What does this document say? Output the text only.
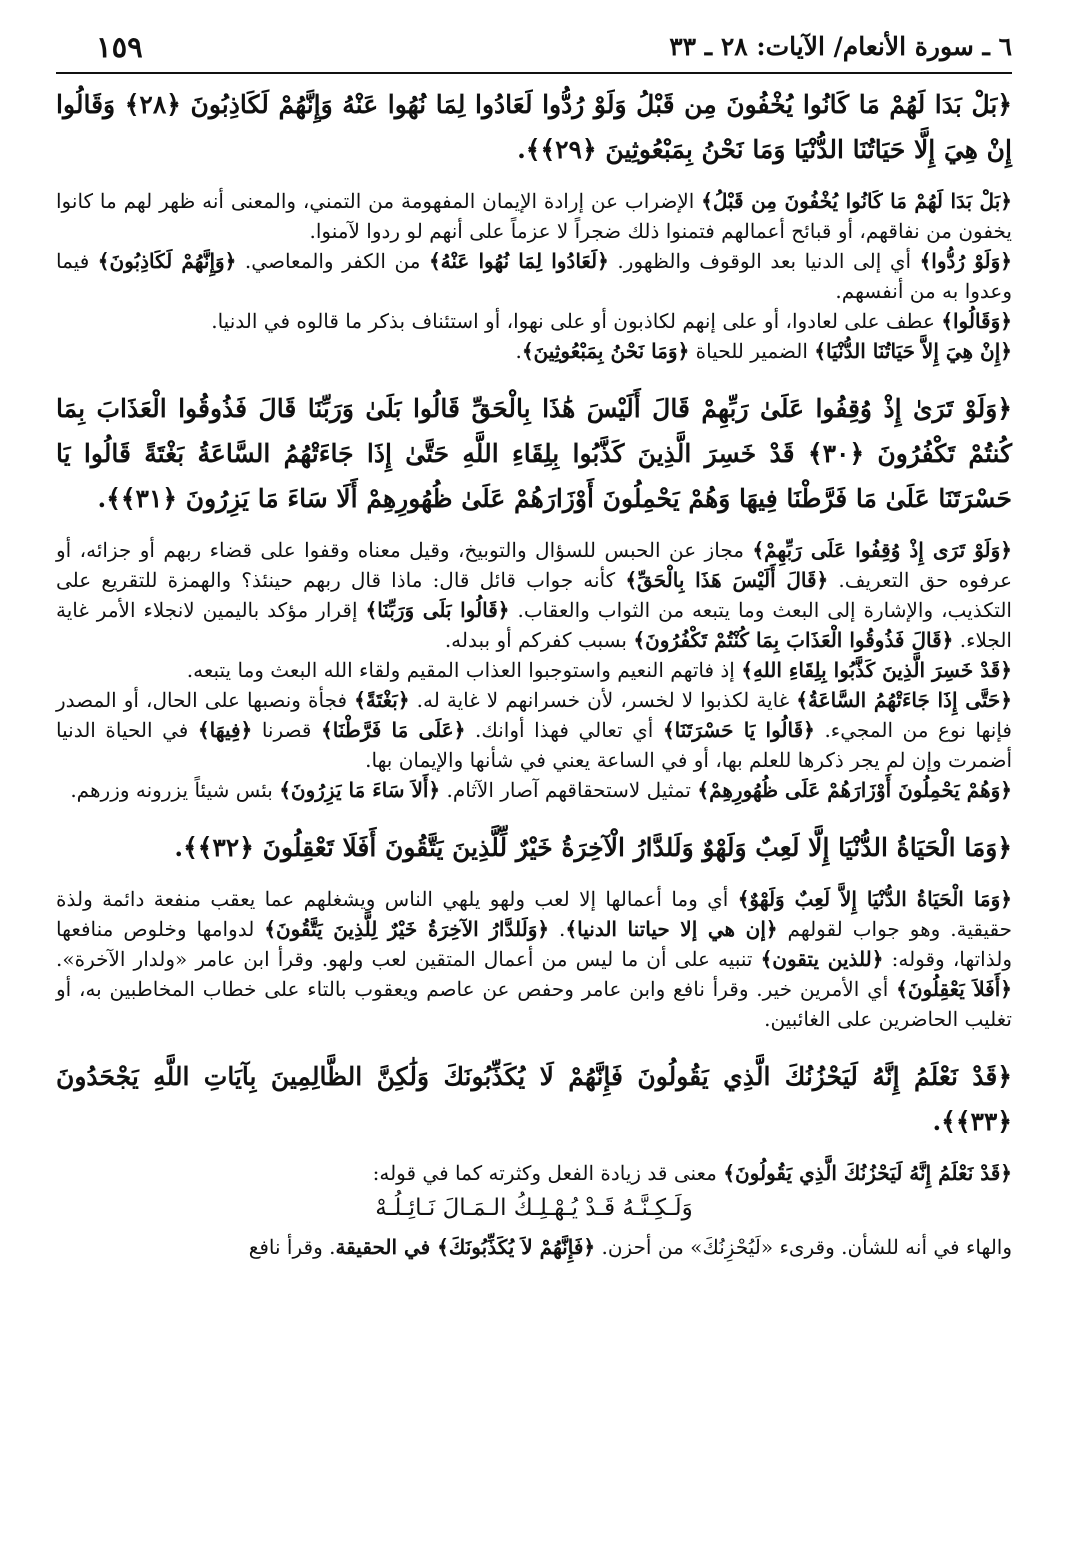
٦ ـ سورة الأنعام/ الآيات: ٢٨ ـ ٣٣
١٥٩

﴿بَلْ بَدَا لَهُمْ مَا كَانُوا يُخْفُونَ مِن قَبْلُ وَلَوْ رُدُّوا لَعَادُوا لِمَا نُهُوا عَنْهُ وَإِنَّهُمْ لَكَاذِبُونَ ﴿٢٨﴾ وَقَالُوا إِنْ هِيَ إِلَّا حَيَاتُنَا الدُّنْيَا وَمَا نَحْنُ بِمَبْعُوثِينَ ﴿٢٩﴾﴾.

﴿بَلْ بَدَا لَهُمْ مَا كَانُوا يُخْفُونَ مِن قَبْلُ﴾ الإضراب عن إرادة الإيمان المفهومة من التمني، والمعنى أنه ظهر لهم ما كانوا يخفون من نفاقهم، أو قبائح أعمالهم فتمنوا ذلك ضجراً لا عزماً على أنهم لو ردوا لآمنوا.

﴿وَلَوْ رُدُّوا﴾ أي إلى الدنيا بعد الوقوف والظهور. ﴿لَعَادُوا لِمَا نُهُوا عَنْهُ﴾ من الكفر والمعاصي. ﴿وَإِنَّهُمْ لَكَاذِبُونَ﴾ فيما وعدوا به من أنفسهم.

﴿وَقَالُوا﴾ عطف على لعادوا، أو على إنهم لكاذبون أو على نهوا، أو استئناف بذكر ما قالوه في الدنيا.

﴿إِنْ هِيَ إِلاَّ حَيَاتُنَا الدُّنْيَا﴾ الضمير للحياة ﴿وَمَا نَحْنُ بِمَبْعُوثِينَ﴾.

﴿وَلَوْ تَرَىٰ إِذْ وُقِفُوا عَلَىٰ رَبِّهِمْ قَالَ أَلَيْسَ هَٰذَا بِالْحَقِّ قَالُوا بَلَىٰ وَرَبِّنَا قَالَ فَذُوقُوا الْعَذَابَ بِمَا كُنتُمْ تَكْفُرُونَ ﴿٣٠﴾ قَدْ خَسِرَ الَّذِينَ كَذَّبُوا بِلِقَاءِ اللَّهِ حَتَّىٰ إِذَا جَاءَتْهُمُ السَّاعَةُ بَغْتَةً قَالُوا يَا حَسْرَتَنَا عَلَىٰ مَا فَرَّطْنَا فِيهَا وَهُمْ يَحْمِلُونَ أَوْزَارَهُمْ عَلَىٰ ظُهُورِهِمْ أَلَا سَاءَ مَا يَزِرُونَ ﴿٣١﴾﴾.

﴿وَلَوْ تَرَى إِذْ وُقِفُوا عَلَى رَبِّهِمْ﴾ مجاز عن الحبس للسؤال والتوبيخ، وقيل معناه وقفوا على قضاء ربهم أو جزائه، أو عرفوه حق التعريف. ﴿قَالَ أَلَيْسَ هَذَا بِالْحَقِّ﴾ كأنه جواب قائل قال: ماذا قال ربهم حينئذ؟ والهمزة للتقريع على التكذيب، والإشارة إلى البعث وما يتبعه من الثواب والعقاب. ﴿قَالُوا بَلَى وَرَبِّنَا﴾ إقرار مؤكد باليمين لانجلاء الأمر غاية الجلاء. ﴿قَالَ فَذُوقُوا الْعَذَابَ بِمَا كُنْتُمْ تَكْفُرُونَ﴾ بسبب كفركم أو ببدله.

﴿قَدْ خَسِرَ الَّذِينَ كَذَّبُوا بِلِقَاءِ اللهِ﴾ إذ فاتهم النعيم واستوجبوا العذاب المقيم ولقاء الله البعث وما يتبعه.

﴿حَتَّى إِذَا جَاءَتْهُمُ السَّاعَةُ﴾ غاية لكذبوا لا لخسر، لأن خسرانهم لا غاية له. ﴿بَغْتَةً﴾ فجأة ونصبها على الحال، أو المصدر فإنها نوع من المجيء. ﴿قَالُوا يَا حَسْرَتَنَا﴾ أي تعالي فهذا أوانك. ﴿عَلَى مَا فَرَّطْنَا﴾ قصرنا ﴿فِيهَا﴾ في الحياة الدنيا أضمرت وإن لم يجر ذكرها للعلم بها، أو في الساعة يعني في شأنها والإيمان بها.

﴿وَهُمْ يَحْمِلُونَ أَوْزَارَهُمْ عَلَى ظُهُورِهِمْ﴾ تمثيل لاستحقاقهم آصار الآثام. ﴿أَلاَ سَاءَ مَا يَزِرُونَ﴾ بئس شيئاً يزرونه وزرهم.

﴿وَمَا الْحَيَاةُ الدُّنْيَا إِلَّا لَعِبٌ وَلَهْوٌ وَلَلدَّارُ الْآخِرَةُ خَيْرٌ لِّلَّذِينَ يَتَّقُونَ أَفَلَا تَعْقِلُونَ ﴿٣٢﴾﴾.

﴿وَمَا الْحَيَاةُ الدُّنْيَا إِلاَّ لَعِبٌ وَلَهْوٌ﴾ أي وما أعمالها إلا لعب ولهو يلهي الناس ويشغلهم عما يعقب منفعة دائمة ولذة حقيقية. وهو جواب لقولهم ﴿إن هي إلا حياتنا الدنيا﴾. ﴿وَلَلدَّارُ الآخِرَةُ خَيْرٌ لِلَّذِينَ يَتَّقُونَ﴾ لدوامها وخلوص منافعها ولذاتها، وقوله: ﴿للذين يتقون﴾ تنبيه على أن ما ليس من أعمال المتقين لعب ولهو. وقرأ ابن عامر «ولدار الآخرة». ﴿أَفَلاَ يَعْقِلُونَ﴾ أي الأمرين خير. وقرأ نافع وابن عامر وحفص عن عاصم ويعقوب بالتاء على خطاب المخاطبين به، أو تغليب الحاضرين على الغائبين.

﴿قَدْ نَعْلَمُ إِنَّهُ لَيَحْزُنُكَ الَّذِي يَقُولُونَ فَإِنَّهُمْ لَا يُكَذِّبُونَكَ وَلَٰكِنَّ الظَّالِمِينَ بِآيَاتِ اللَّهِ يَجْحَدُونَ ﴿٣٣﴾﴾.

﴿قَدْ نَعْلَمُ إِنَّهُ لَيَحْزُنُكَ الَّذِي يَقُولُونَ﴾ معنى قد زيادة الفعل وكثرته كما في قوله:

وَلَـكِـنَّـهُ قَـدْ يُـهْـلِـكُ الـمَـالَ نَـائِـلُـهْ

والهاء في أنه للشأن. وقرىء «لَيُحْزِنُكَ» من أحزن. ﴿فَإِنَّهُمْ لاَ يُكَذِّبُونَكَ﴾ في الحقيقة. وقرأ نافع
